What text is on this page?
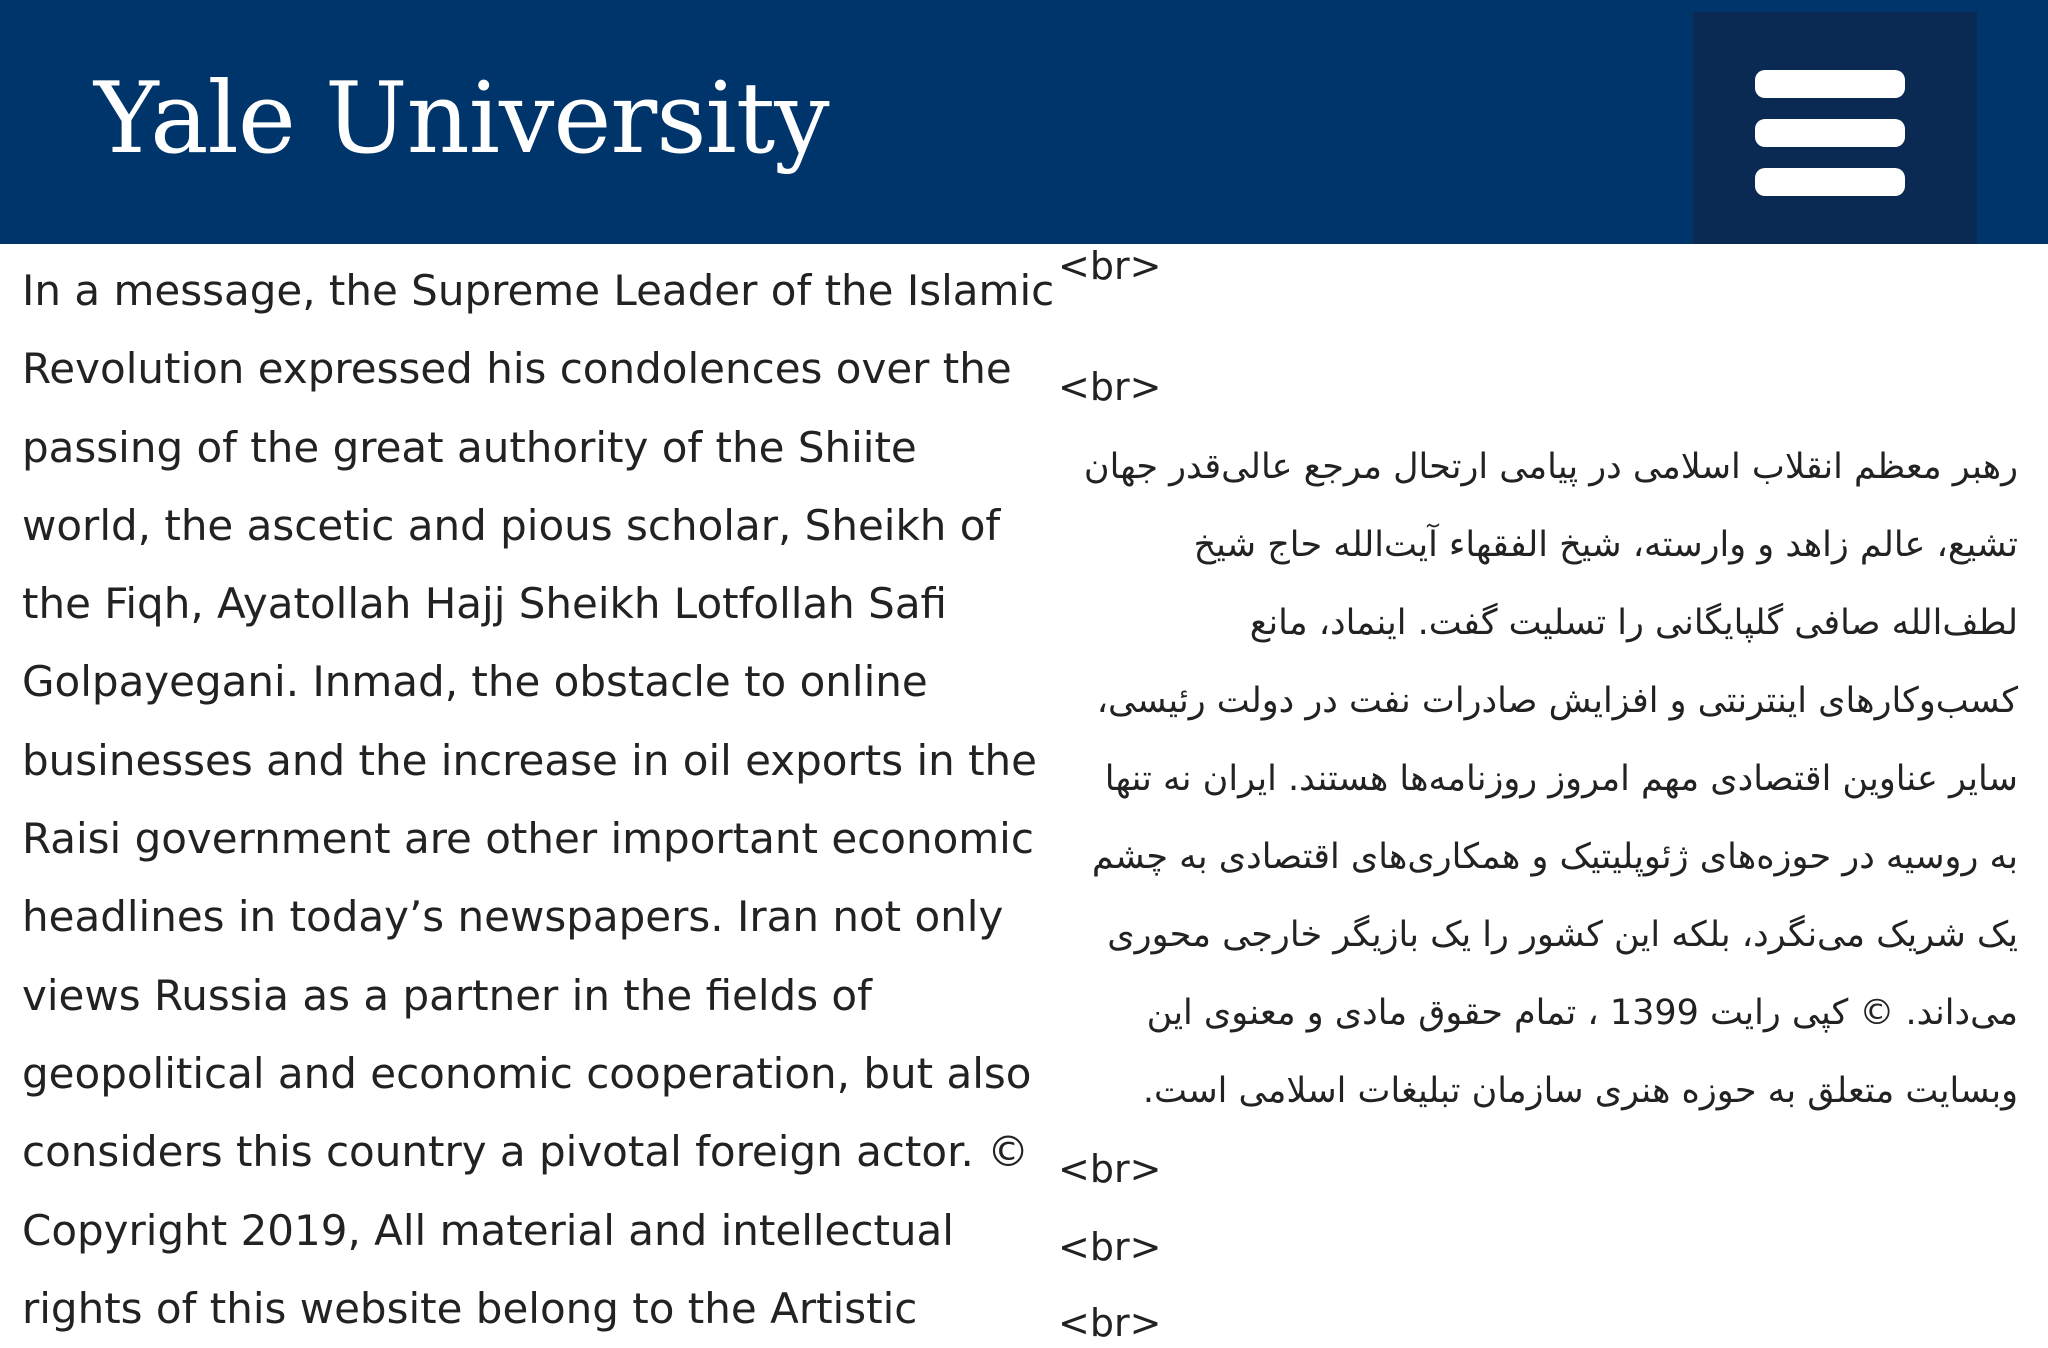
Yale University
In a message, the Supreme Leader of the Islamic
Revolution expressed his condolences over the
passing of the great authority of the Shiite
world, the ascetic and pious scholar, Sheikh of
the Fiqh, Ayatollah Hajj Sheikh Lotfollah Safi
Golpayegani. Inmad, the obstacle to online
businesses and the increase in oil exports in the
Raisi government are other important economic
headlines in today’s newspapers. Iran not only
views Russia as a partner in the fields of
geopolitical and economic cooperation, but also
considers this country a pivotal foreign actor. ©
Copyright 2019, All material and intellectual
rights of this website belong to the Artistic
<br>
<br>
رهبر معظم انقلاب اسلامی در پیامی ارتحال مرجع عالی‌قدر جهان
تشیع، عالم زاهد و وارسته، شیخ الفقهاء آیت‌الله حاج شیخ
لطف‌الله صافی گلپایگانی را تسلیت گفت. اینماد، مانع
کسب‌وکارهای اینترنتی و افزایش صادرات نفت در دولت رئیسی،
سایر عناوین اقتصادی مهم امروز روزنامه‌ها هستند. ایران نه تنها
به روسیه در حوزه‌های ژئوپلیتیک و همکاری‌های اقتصادی به چشم
یک شریک می‌نگرد، بلکه این کشور را یک بازیگر خارجی محوری
می‌داند. © کپی رایت 1399 ، تمام حقوق مادی و معنوی این
وبسایت متعلق به حوزه هنری سازمان تبلیغات اسلامی است.
<br>
<br>
<br>
